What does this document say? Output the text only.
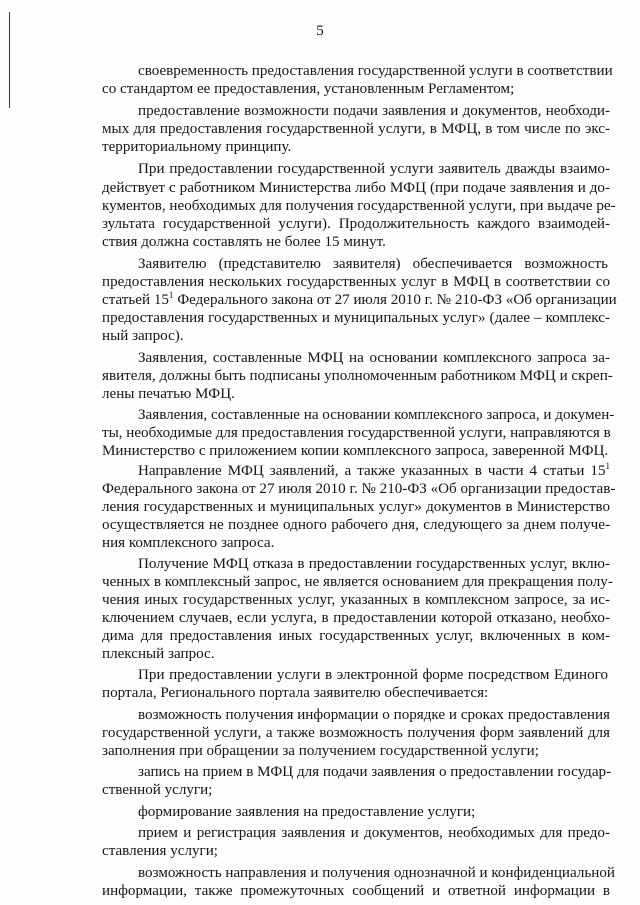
5
своевременность предоставления государственной услуги в соответствии
со стандартом ее предоставления, установленным Регламентом;
предоставление возможности подачи заявления и документов, необходи-
мых для предоставления государственной услуги, в МФЦ, в том числе по экс-
территориальному принципу.
При предоставлении государственной услуги заявитель дважды взаимо-
действует с работником Министерства либо МФЦ (при подаче заявления и до-
кументов, необходимых для получения государственной услуги, при выдаче ре-
зультата государственной услуги). Продолжительность каждого взаимодей-
ствия должна составлять не более 15 минут.
Заявителю (представителю заявителя) обеспечивается возможность
предоставления нескольких государственных услуг в МФЦ в соответствии со
статьей $15^1$ Федерального закона от 27 июля 2010 г. № 210-ФЗ «Об организации
предоставления государственных и муниципальных услуг» (далее – комплекс-
ный запрос).
Заявления, составленные МФЦ на основании комплексного запроса за-
явителя, должны быть подписаны уполномоченным работником МФЦ и скреп-
лены печатью МФЦ.
Заявления, составленные на основании комплексного запроса, и докумен-
ты, необходимые для предоставления государственной услуги, направляются в
Министерство с приложением копии комплексного запроса, заверенной МФЦ.
Направление МФЦ заявлений, а также указанных в части 4 статьи $15^1$
Федерального закона от 27 июля 2010 г. № 210-ФЗ «Об организации предостав-
ления государственных и муниципальных услуг» документов в Министерство
осуществляется не позднее одного рабочего дня, следующего за днем получе-
ния комплексного запроса.
Получение МФЦ отказа в предоставлении государственных услуг, вклю-
ченных в комплексный запрос, не является основанием для прекращения полу-
чения иных государственных услуг, указанных в комплексном запросе, за ис-
ключением случаев, если услуга, в предоставлении которой отказано, необхо-
дима для предоставления иных государственных услуг, включенных в ком-
плексный запрос.
При предоставлении услуги в электронной форме посредством Единого
портала, Регионального портала заявителю обеспечивается:
возможность получения информации о порядке и сроках предоставления
государственной услуги, а также возможность получения форм заявлений для
заполнения при обращении за получением государственной услуги;
запись на прием в МФЦ для подачи заявления о предоставлении государ-
ственной услуги;
формирование заявления на предоставление услуги;
прием и регистрация заявления и документов, необходимых для предо-
ставления услуги;
возможность направления и получения однозначной и конфиденциальной
информации, также промежуточных сообщений и ответной информации в
